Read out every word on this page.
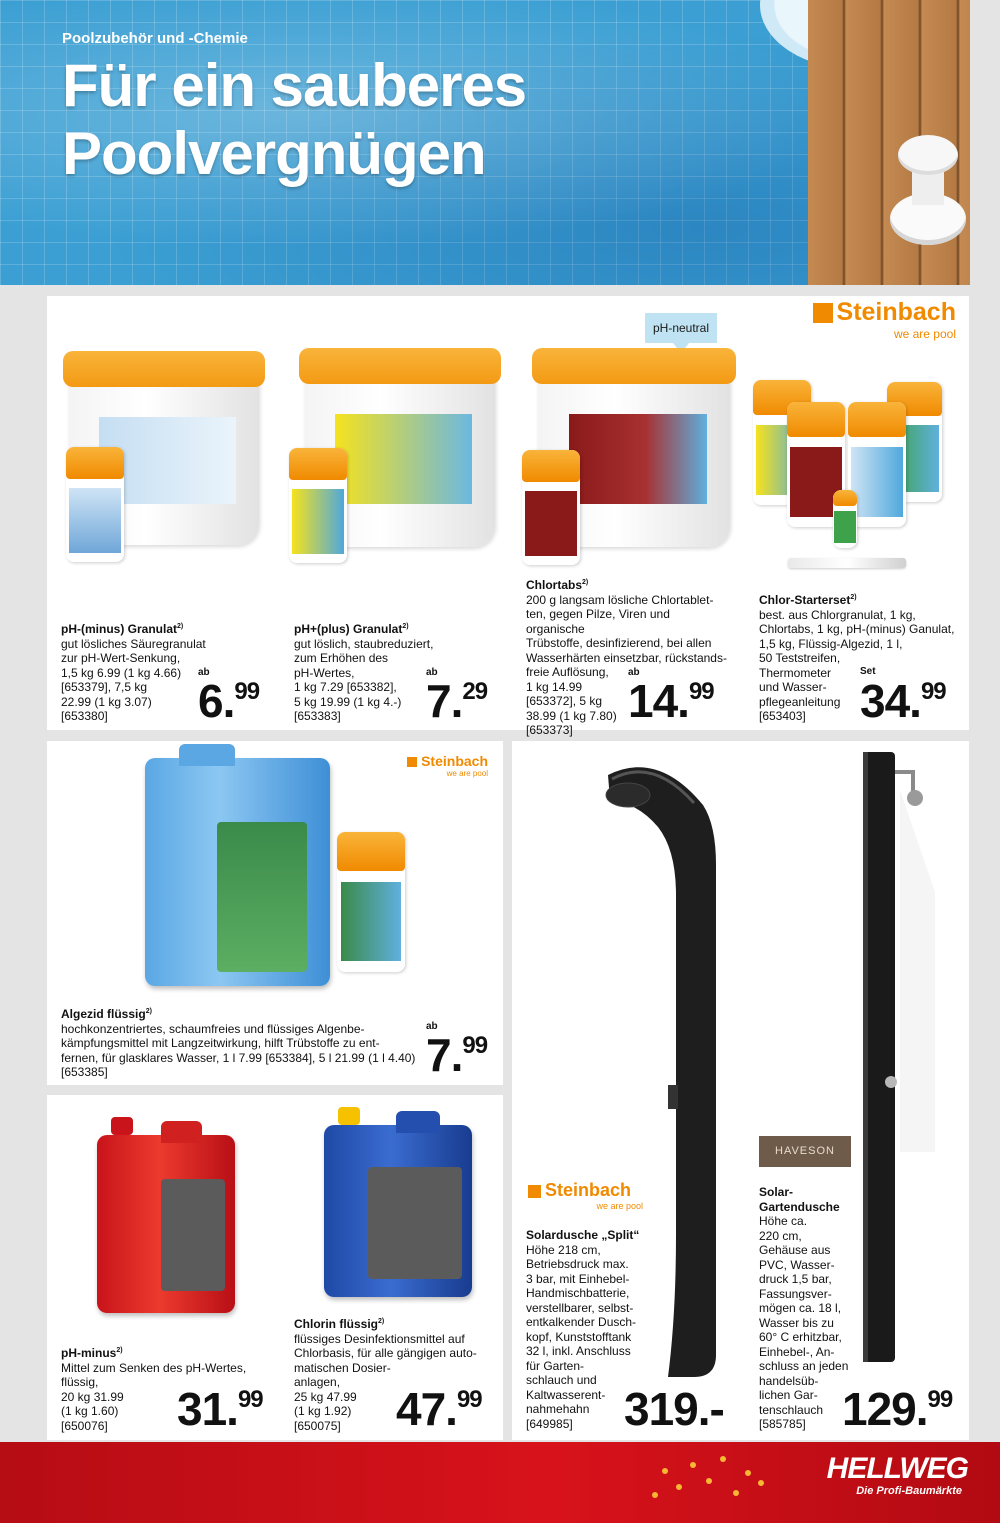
Poolzubehör und -Chemie
Für ein sauberes
Poolvergnügen
Steinbach
we are pool
pH-neutral
pH-(minus) Granulat$^{2)}$
gut lösliches Säuregranulat
zur pH-Wert-Senkung,
1,5 kg 6.99 (1 kg 4.66)
[653379], 7,5 kg
22.99 (1 kg 3.07)
[653380]
ab
6.99
pH+(plus) Granulat$^{2)}$
gut löslich, staubreduziert,
zum Erhöhen des
pH-Wertes,
1 kg 7.29 [653382],
5 kg 19.99 (1 kg 4.-)
[653383]
ab
7.29
Chlortabs$^{2)}$
200 g langsam lösliche Chlortablet-
ten, gegen Pilze, Viren und organische
Trübstoffe, desinfizierend, bei allen
Wasserhärten einsetzbar, rückstands-
freie Auflösung,
1 kg 14.99
[653372], 5 kg
38.99 (1 kg 7.80)
[653373]
ab
14.99
Chlor-Starterset$^{2)}$
best. aus Chlorgranulat, 1 kg,
Chlortabs, 1 kg, pH-(minus) Ganulat,
1,5 kg, Flüssig-Algezid, 1 l,
50 Teststreifen,
Thermometer
und Wasser-
pflegeanleitung
[653403]
Set
34.99
Steinbach
we are pool
Algezid flüssig$^{2)}$
hochkonzentriertes, schaumfreies und flüssiges Algenbe-
kämpfungsmittel mit Langzeitwirkung, hilft Trübstoffe zu ent-
fernen, für glasklares Wasser, 1 l 7.99 [653384], 5 l 21.99 (1 l 4.40)
[653385]
ab
7.99
pH-minus$^{2)}$
Mittel zum Senken des pH-Wertes,
flüssig,
20 kg 31.99
(1 kg 1.60)
[650076]	31.99
Chlorin flüssig$^{2)}$
flüssiges Desinfektionsmittel auf
Chlorbasis, für alle gängigen auto-
matischen Dosier-
anlagen,
25 kg 47.99
(1 kg 1.92)
[650075]	47.99
Steinbach
we are pool
HAVESON
Solardusche „Split“
Höhe 218 cm,
Betriebsdruck max.
3 bar, mit Einhebel-
Handmischbatterie,
verstellbarer, selbst-
entkalkender Dusch-
kopf, Kunststofftank
32 l, inkl. Anschluss
für Garten-
schlauch und
Kaltwasserent-
nahmehahn
[649985]	319.-
Solar-
Gartendusche
Höhe ca.
220 cm,
Gehäuse aus
PVC, Wasser-
druck 1,5 bar,
Fassungsver-
mögen ca. 18 l,
Wasser bis zu
60° C erhitzbar,
Einhebel-, An-
schluss an jeden
handelsüb-
lichen Gar-
tenschlauch
[585785] 129.99
HELLWEG
Die Profi-Baumärkte
